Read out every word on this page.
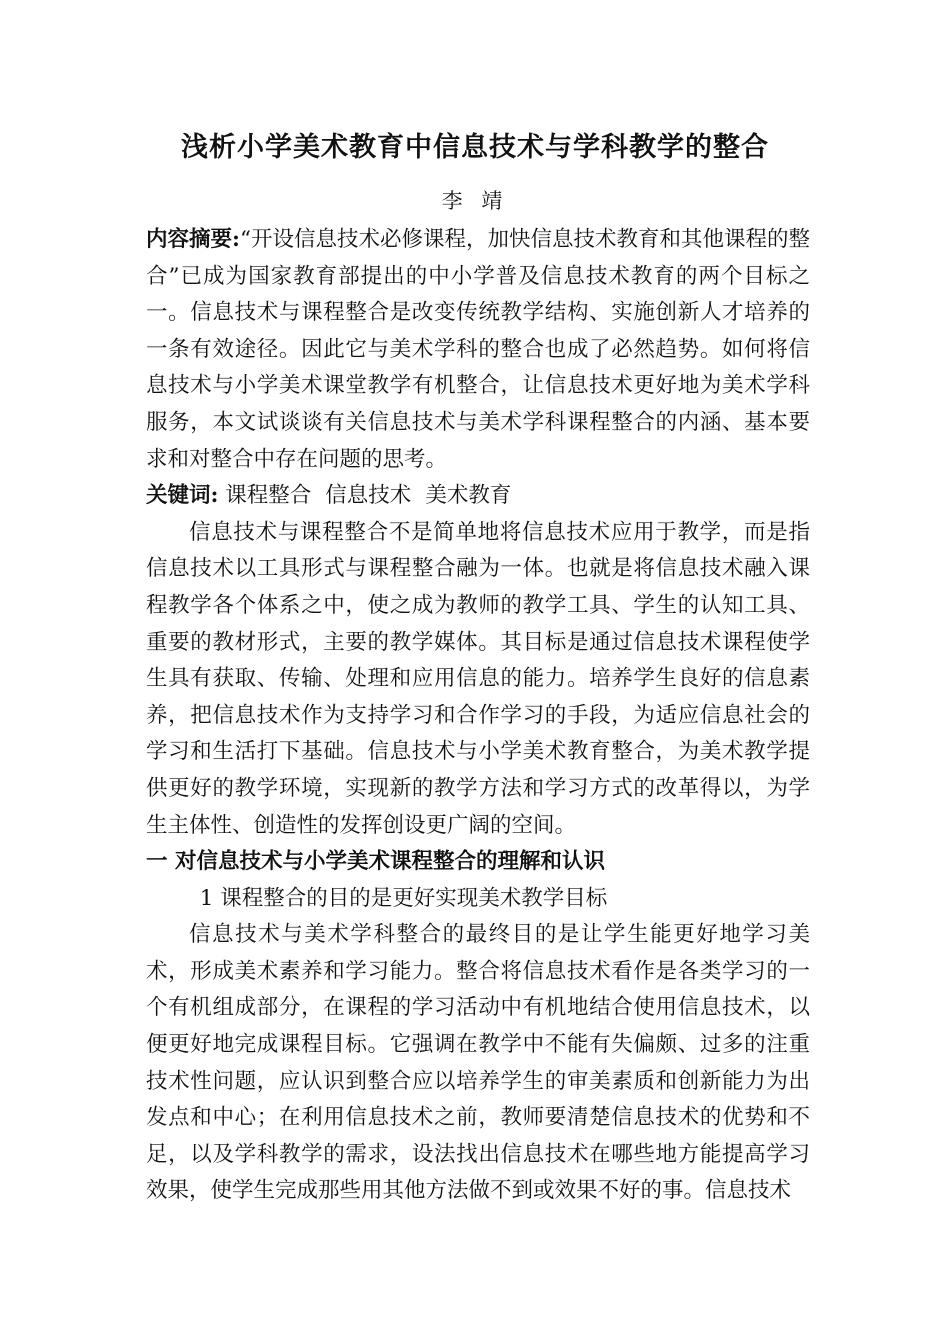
浅析小学美术教育中信息技术与学科教学的整合
李 靖

内容摘要:“开设信息技术必修课程，加快信息技术教育和其他课程的整合”已成为国家教育部提出的中小学普及信息技术教育的两个目标之一。信息技术与课程整合是改变传统教学结构、实施创新人才培养的一条有效途径。因此它与美术学科的整合也成了必然趋势。如何将信息技术与小学美术课堂教学有机整合，让信息技术更好地为美术学科服务，本文试谈谈有关信息技术与美术学科课程整合的内涵、基本要求和对整合中存在问题的思考。

关键词: 课程整合 信息技术 美术教育

信息技术与课程整合不是简单地将信息技术应用于教学，而是指信息技术以工具形式与课程整合融为一体。也就是将信息技术融入课程教学各个体系之中，使之成为教师的教学工具、学生的认知工具、重要的教材形式，主要的教学媒体。其目标是通过信息技术课程使学生具有获取、传输、处理和应用信息的能力。培养学生良好的信息素养，把信息技术作为支持学习和合作学习的手段，为适应信息社会的学习和生活打下基础。信息技术与小学美术教育整合，为美术教学提供更好的教学环境，实现新的教学方法和学习方式的改革得以，为学生主体性、创造性的发挥创设更广阔的空间。

一 对信息技术与小学美术课程整合的理解和认识

1 课程整合的目的是更好实现美术教学目标

信息技术与美术学科整合的最终目的是让学生能更好地学习美术，形成美术素养和学习能力。整合将信息技术看作是各类学习的一个有机组成部分，在课程的学习活动中有机地结合使用信息技术，以便更好地完成课程目标。它强调在教学中不能有失偏颇、过多的注重技术性问题，应认识到整合应以培养学生的审美素质和创新能力为出发点和中心；在利用信息技术之前，教师要清楚信息技术的优势和不足，以及学科教学的需求，设法找出信息技术在哪些地方能提高学习效果，使学生完成那些用其他方法做不到或效果不好的事。信息技术
